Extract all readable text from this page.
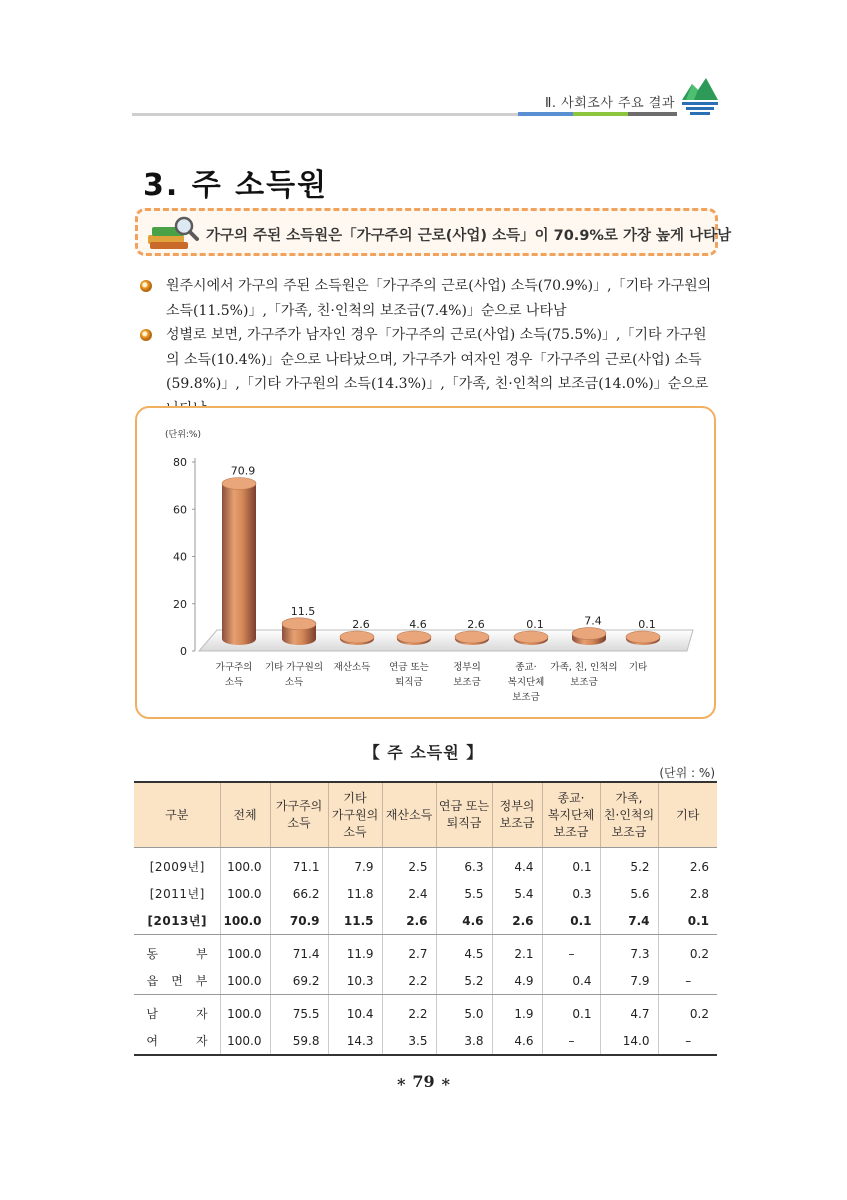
Ⅱ. 사회조사 주요 결과
3. 주 소득원
가구의 주된 소득원은「가구주의 근로(사업) 소득」이 70.9%로 가장 높게 나타남
원주시에서 가구의 주된 소득원은「가구주의 근로(사업) 소득(70.9%)」,「기타 가구원의 소득(11.5%)」,「가족, 친·인척의 보조금(7.4%)」순으로 나타남
성별로 보면, 가구주가 남자인 경우「가구주의 근로(사업) 소득(75.5%)」,「기타 가구원의 소득(10.4%)」순으로 나타났으며, 가구주가 여자인 경우「가구주의 근로(사업) 소득(59.8%)」,「기타 가구원의 소득(14.3%)」,「가족, 친·인척의 보조금(14.0%)」순으로
(단위:%)
0
20
40
60
80
70.9
가구주의
소득
11.5
기타 가구원의
소득
2.6
재산소득
4.6
연금 또는
퇴직금
2.6
정부의
보조금
0.1
종교·
복지단체
보조금
7.4
가족, 친, 인척의
보조금
0.1
기타
【 주 소득원 】
(단위 : %)
구분	전체	가구주의
소득	기타
가구원의
소득	재산소득	연금 또는
퇴직금	정부의
보조금	종교·
복지단체
보조금	가족,
친·인척의
보조금	기타
[2009년]	100.0	71.1	7.9	2.5	6.3	4.4	0.1	5.2	2.6
[2011년]	100.0	66.2	11.8	2.4	5.5	5.4	0.3	5.6	2.8
[2013년]	100.0	70.9	11.5	2.6	4.6	2.6	0.1	7.4	0.1
동　　　부	100.0	71.4	11.9	2.7	4.5	2.1	–	7.3	0.2
읍　면　부	100.0	69.2	10.3	2.2	5.2	4.9	0.4	7.9	–
남　　　자	100.0	75.5	10.4	2.2	5.0	1.9	0.1	4.7	0.2
여　　　자	100.0	59.8	14.3	3.5	3.8	4.6	–	14.0	–
∗ 79 ∗
